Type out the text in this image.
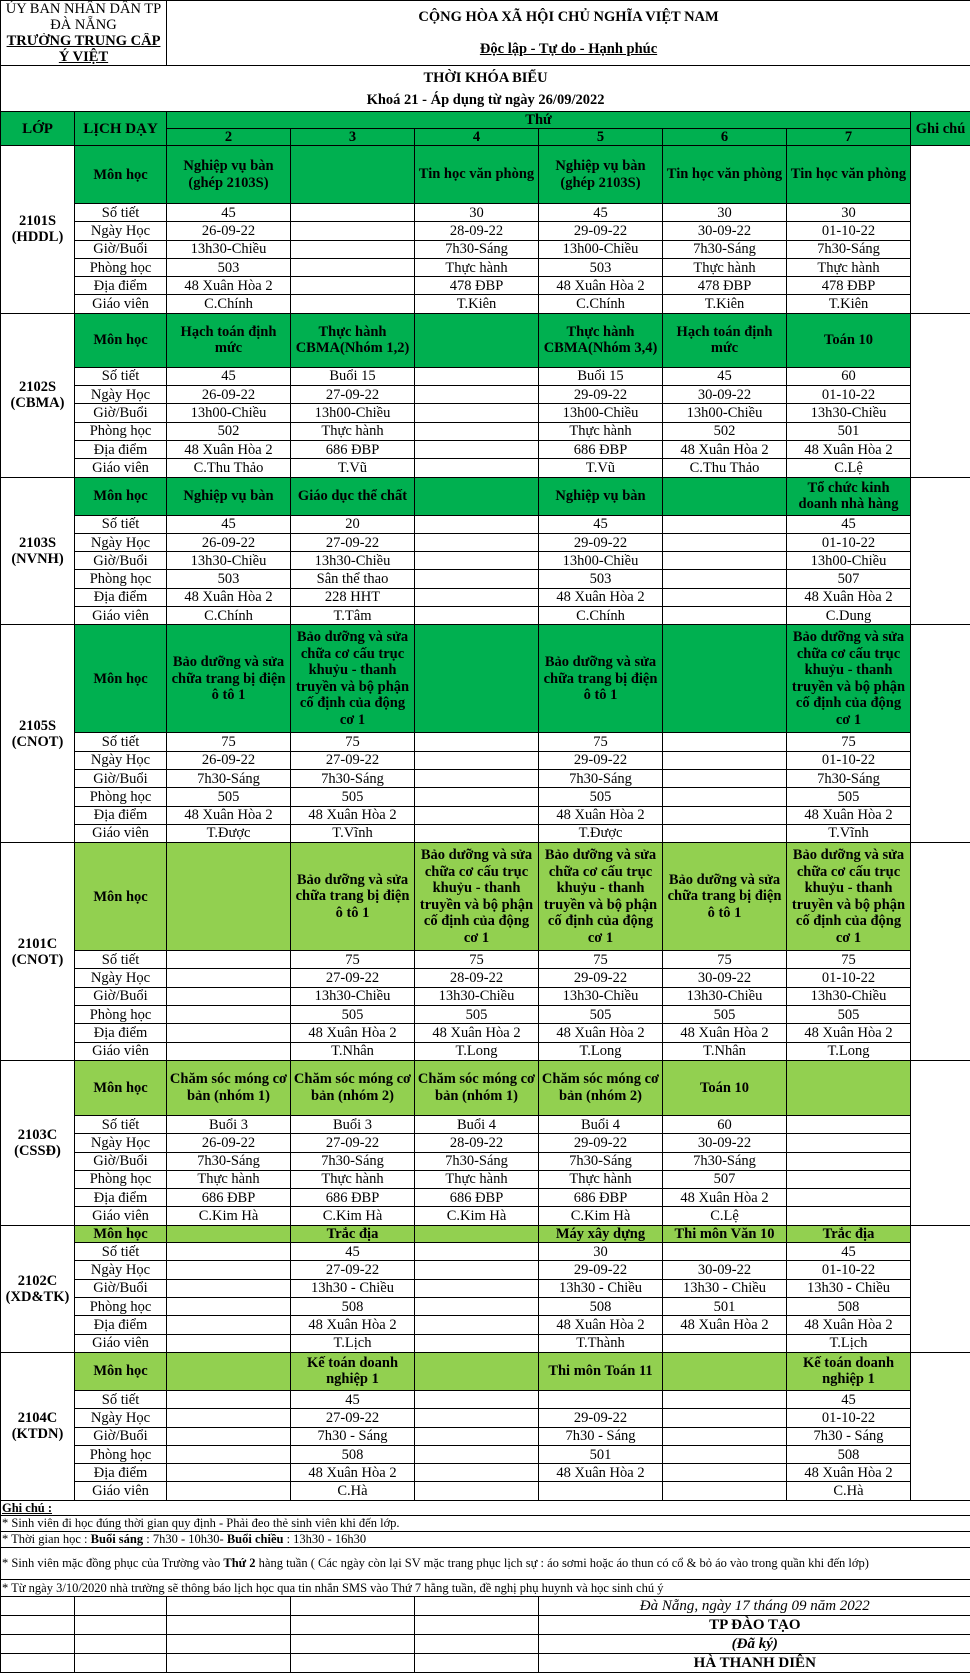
ỦY BAN NHÂN DÂN TP ĐÀ NẴNG		CỘNG HÒA XÃ HỘI CHỦ NGHĨA VIỆT NAM						
TRƯỜNG TRUNG CẤP Ý VIỆT		Độc lập - Tự do - Hạnh phúc						
THỜI KHÓA BIỂU								
Khoá 21 - Áp dụng từ ngày 26/09/2022								
LỚP	LỊCH DẠY	Thứ						Ghi chú
		2	3	4	5	6	7	

2101S
(HDDL)	Môn học	Nghiệp vụ bàn (ghép 2103S)		Tin học văn phòng	Nghiệp vụ bàn (ghép 2103S)	Tin học văn phòng	Tin học văn phòng	
	Số tiết	45		30	45	30	30	
	Ngày Học	26-09-22		28-09-22	29-09-22	30-09-22	01-10-22	
	Giờ/Buổi	13h30-Chiều		7h30-Sáng	13h00-Chiều	7h30-Sáng	7h30-Sáng	
	Phòng học	503		Thực hành	503	Thực hành	Thực hành	
	Địa điểm	48 Xuân Hòa 2		478 ĐBP	48 Xuân Hòa 2	478 ĐBP	478 ĐBP	
	Giáo viên	C.Chính		T.Kiên	C.Chính	T.Kiên	T.Kiên	

2102S
(CBMA)	Môn học	Hạch toán định mức	Thực hành CBMA(Nhóm 1,2)		Thực hành CBMA(Nhóm 3,4)	Hạch toán định mức	Toán 10	
	Số tiết	45	Buổi 15		Buổi 15	45	60	
	Ngày Học	26-09-22	27-09-22		29-09-22	30-09-22	01-10-22	
	Giờ/Buổi	13h00-Chiều	13h00-Chiều		13h00-Chiều	13h00-Chiều	13h30-Chiều	
	Phòng học	502	Thực hành		Thực hành	502	501	
	Địa điểm	48 Xuân Hòa 2	686 ĐBP		686 ĐBP	48 Xuân Hòa 2	48 Xuân Hòa 2	
	Giáo viên	C.Thu Thảo	T.Vũ		T.Vũ	C.Thu Thảo	C.Lệ	

2103S
(NVNH)	Môn học	Nghiệp vụ bàn	Giáo dục thể chất		Nghiệp vụ bàn		Tổ chức kinh doanh nhà hàng	
	Số tiết	45	20		45		45	
	Ngày Học	26-09-22	27-09-22		29-09-22		01-10-22	
	Giờ/Buổi	13h30-Chiều	13h30-Chiều		13h00-Chiều		13h00-Chiều	
	Phòng học	503	Sân thể thao		503		507	
	Địa điểm	48 Xuân Hòa 2	228 HHT		48 Xuân Hòa 2		48 Xuân Hòa 2	
	Giáo viên	C.Chính	T.Tâm		C.Chính		C.Dung	

2105S
(CNOT)	Môn học	Bảo dưỡng và sửa chữa trang bị điện ô tô 1	Bảo dưỡng và sửa chữa cơ cấu trục khuỷu - thanh truyền và bộ phận cố định của động cơ 1		Bảo dưỡng và sửa chữa trang bị điện ô tô 1		Bảo dưỡng và sửa chữa cơ cấu trục khuỷu - thanh truyền và bộ phận cố định của động cơ 1	
	Số tiết	75	75		75		75	
	Ngày Học	26-09-22	27-09-22		29-09-22		01-10-22	
	Giờ/Buổi	7h30-Sáng	7h30-Sáng		7h30-Sáng		7h30-Sáng	
	Phòng học	505	505		505		505	
	Địa điểm	48 Xuân Hòa 2	48 Xuân Hòa 2		48 Xuân Hòa 2		48 Xuân Hòa 2	
	Giáo viên	T.Được	T.Vĩnh		T.Được		T.Vĩnh	

2101C
(CNOT)	Môn học		Bảo dưỡng và sửa chữa trang bị điện ô tô 1	Bảo dưỡng và sửa chữa cơ cấu trục khuỷu - thanh truyền và bộ phận cố định của động cơ 1	Bảo dưỡng và sửa chữa cơ cấu trục khuỷu - thanh truyền và bộ phận cố định của động cơ 1	Bảo dưỡng và sửa chữa trang bị điện ô tô 1	Bảo dưỡng và sửa chữa cơ cấu trục khuỷu - thanh truyền và bộ phận cố định của động cơ 1	
	Số tiết		75	75	75	75	75	
	Ngày Học		27-09-22	28-09-22	29-09-22	30-09-22	01-10-22	
	Giờ/Buổi		13h30-Chiều	13h30-Chiều	13h30-Chiều	13h30-Chiều	13h30-Chiều	
	Phòng học		505	505	505	505	505	
	Địa điểm		48 Xuân Hòa 2	48 Xuân Hòa 2	48 Xuân Hòa 2	48 Xuân Hòa 2	48 Xuân Hòa 2	
	Giáo viên		T.Nhân	T.Long	T.Long	T.Nhân	T.Long	

2103C
(CSSĐ)	Môn học	Chăm sóc móng cơ bản (nhóm 1)	Chăm sóc móng cơ bản (nhóm 2)	Chăm sóc móng cơ bản (nhóm 1)	Chăm sóc móng cơ bản (nhóm 2)	Toán 10		
	Số tiết	Buổi 3	Buổi 3	Buổi 4	Buổi 4	60		
	Ngày Học	26-09-22	27-09-22	28-09-22	29-09-22	30-09-22		
	Giờ/Buổi	7h30-Sáng	7h30-Sáng	7h30-Sáng	7h30-Sáng	7h30-Sáng		
	Phòng học	Thực hành	Thực hành	Thực hành	Thực hành	507		
	Địa điểm	686 ĐBP	686 ĐBP	686 ĐBP	686 ĐBP	48 Xuân Hòa 2		
	Giáo viên	C.Kim Hà	C.Kim Hà	C.Kim Hà	C.Kim Hà	C.Lệ		

2102C
(XD&TK)	Môn học		Trắc địa		Máy xây dựng	Thi môn Văn 10	Trắc địa	
	Số tiết		45		30		45	
	Ngày Học		27-09-22		29-09-22	30-09-22	01-10-22	
	Giờ/Buổi		13h30 - Chiều		13h30 - Chiều	13h30 - Chiều	13h30 - Chiều	
	Phòng học		508		508	501	508	
	Địa điểm		48 Xuân Hòa 2		48 Xuân Hòa 2	48 Xuân Hòa 2	48 Xuân Hòa 2	
	Giáo viên		T.Lịch		T.Thành		T.Lịch	

2104C
(KTDN)	Môn học		Kế toán doanh nghiệp 1		Thi môn Toán 11		Kế toán doanh nghiệp 1	
	Số tiết		45				45	
	Ngày Học		27-09-22		29-09-22		01-10-22	
	Giờ/Buổi		7h30 - Sáng		7h30 - Sáng		7h30 - Sáng	
	Phòng học		508		501		508	
	Địa điểm		48 Xuân Hòa 2		48 Xuân Hòa 2		48 Xuân Hòa 2	
	Giáo viên		C.Hà				C.Hà	
Ghi chú :								
* Sinh viên đi học đúng thời gian quy định - Phải đeo thẻ sinh viên khi đến lớp.								
* Thời gian học : Buổi sáng : 7h30 - 10h30- Buổi chiều : 13h30 - 16h30								
* Sinh viên mặc đồng phục của Trường vào Thứ 2 hàng tuần ( Các ngày còn lại SV mặc trang phục lịch sự : áo sơmi hoặc áo thun có cổ & bỏ áo vào trong quần khi đến lớp)								
* Từ ngày 3/10/2020 nhà trường sẽ thông báo lịch học qua tin nhắn SMS vào Thứ 7 hằng tuần, đề nghị phụ huynh và học sinh chú ý								
					Đà Nẵng, ngày 17 tháng 09 năm 2022			
					TP ĐÀO TẠO			
					(Đã ký)			
					HÀ THANH DIÊN			
